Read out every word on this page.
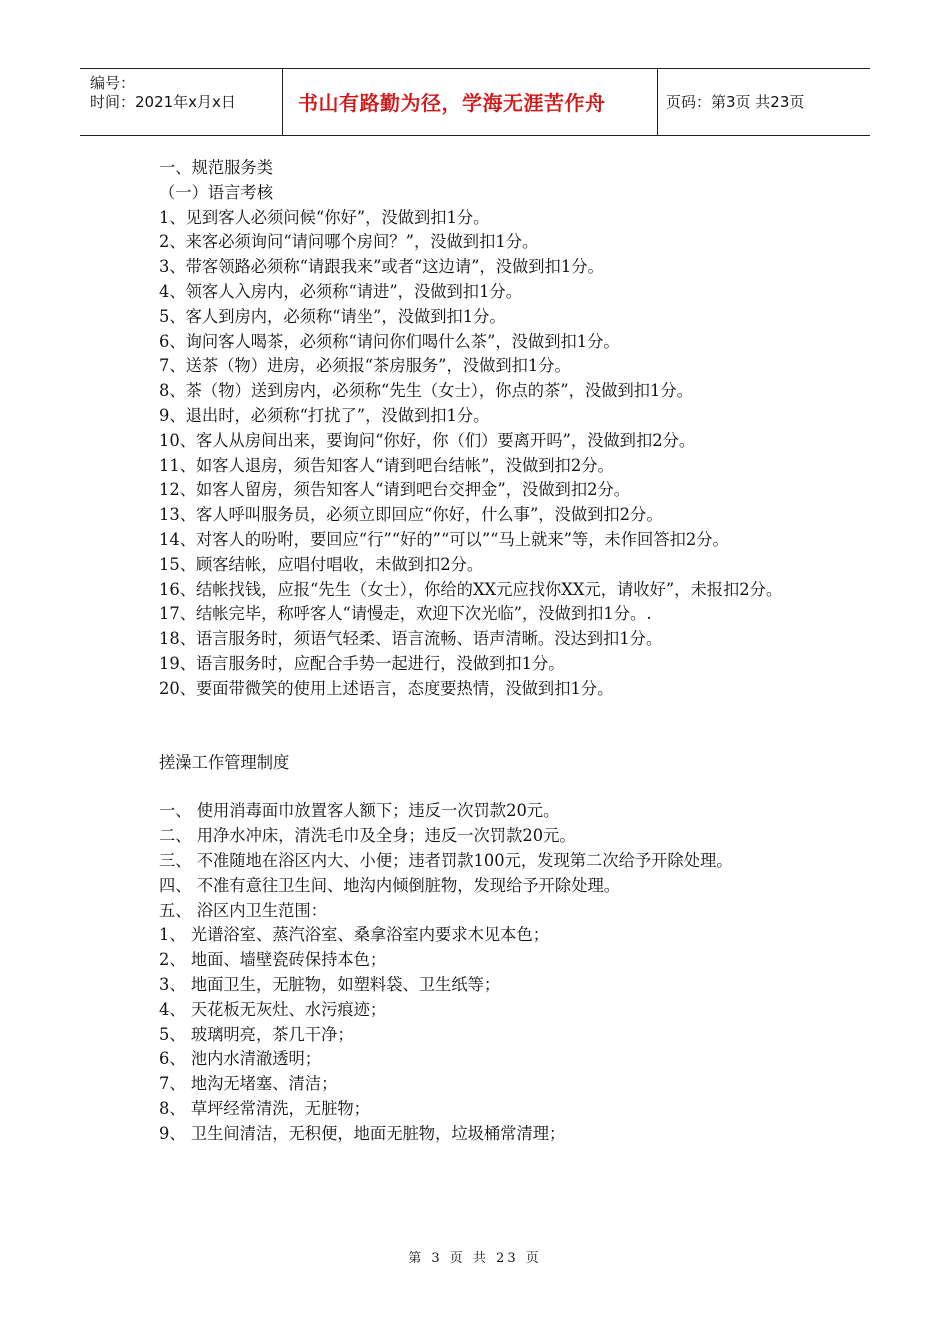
编号：
时间：2021年x月x日	书山有路勤为径，学海无涯苦作舟	页码：第3页 共23页
一、规范服务类
（一）语言考核
1、见到客人必须问候“你好”，没做到扣1分。
2、来客必须询问“请问哪个房间？”，没做到扣1分。
3、带客领路必须称“请跟我来”或者“这边请”，没做到扣1分。
4、领客人入房内，必须称“请进”，没做到扣1分。
5、客人到房内，必须称“请坐”，没做到扣1分。
6、询问客人喝茶，必须称“请问你们喝什么茶”，没做到扣1分。
7、送茶（物）进房，必须报“茶房服务”，没做到扣1分。
8、茶（物）送到房内，必须称“先生（女士），你点的茶”，没做到扣1分。
9、退出时，必须称“打扰了”，没做到扣1分。
10、客人从房间出来，要询问“你好，你（们）要离开吗”，没做到扣2分。
11、如客人退房，须告知客人“请到吧台结帐”，没做到扣2分。
12、如客人留房，须告知客人“请到吧台交押金”，没做到扣2分。
13、客人呼叫服务员，必须立即回应“你好，什么事”，没做到扣2分。
14、对客人的吩咐，要回应“行”“好的”“可以”“马上就来”等，未作回答扣2分。
15、顾客结帐，应唱付唱收，未做到扣2分。
16、结帐找钱，应报“先生（女士），你给的XX元应找你XX元，请收好”，未报扣2分。
17、结帐完毕，称呼客人“请慢走，欢迎下次光临”，没做到扣1分。.
18、语言服务时，须语气轻柔、语言流畅、语声清晰。没达到扣1分。
19、语言服务时，应配合手势一起进行，没做到扣1分。
20、要面带微笑的使用上述语言，态度要热情，没做到扣1分。
搓澡工作管理制度
一、 使用消毒面巾放置客人额下；违反一次罚款20元。
二、 用净水冲床，清洗毛巾及全身；违反一次罚款20元。
三、 不准随地在浴区内大、小便；违者罚款100元，发现第二次给予开除处理。
四、 不准有意往卫生间、地沟内倾倒脏物，发现给予开除处理。
五、 浴区内卫生范围：
1、 光谱浴室、蒸汽浴室、桑拿浴室内要求木见本色；
2、 地面、墙壁瓷砖保持本色；
3、 地面卫生，无脏物，如塑料袋、卫生纸等；
4、 天花板无灰灶、水污痕迹；
5、 玻璃明亮，茶几干净；
6、 池内水清澈透明；
7、 地沟无堵塞、清洁；
8、 草坪经常清洗，无脏物；
9、 卫生间清洁，无积便，地面无脏物，垃圾桶常清理；
第 3 页 共 23 页
